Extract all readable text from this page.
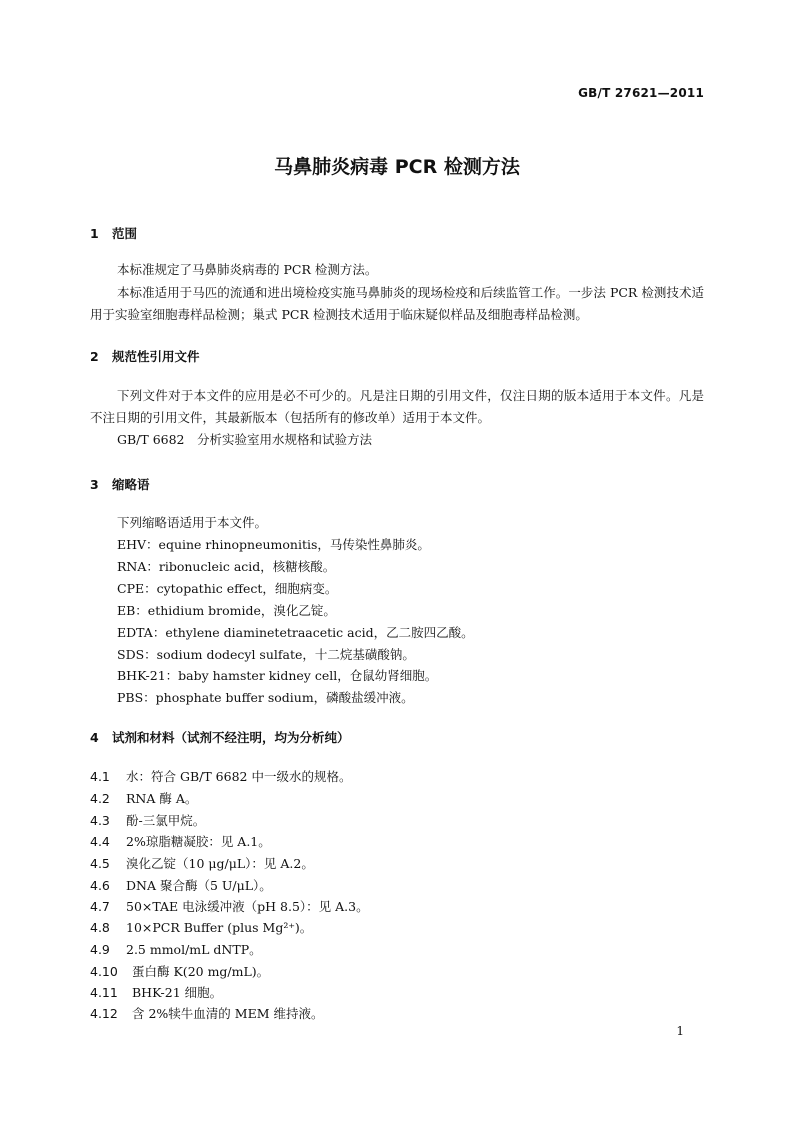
GB/T 27621—2011
马鼻肺炎病毒 PCR 检测方法
1 范围
本标准规定了马鼻肺炎病毒的 PCR 检测方法。
本标准适用于马匹的流通和进出境检疫实施马鼻肺炎的现场检疫和后续监管工作。一步法 PCR 检测技术适用于实验室细胞毒样品检测；巢式 PCR 检测技术适用于临床疑似样品及细胞毒样品检测。
2 规范性引用文件
下列文件对于本文件的应用是必不可少的。凡是注日期的引用文件，仅注日期的版本适用于本文件。凡是不注日期的引用文件，其最新版本（包括所有的修改单）适用于本文件。
GB/T 6682　分析实验室用水规格和试验方法
3 缩略语
下列缩略语适用于本文件。
EHV：equine rhinopneumonitis，马传染性鼻肺炎。
RNA：ribonucleic acid，核糖核酸。
CPE：cytopathic effect，细胞病变。
EB：ethidium bromide，溴化乙锭。
EDTA：ethylene diaminetetraacetic acid，乙二胺四乙酸。
SDS：sodium dodecyl sulfate，十二烷基磺酸钠。
BHK-21：baby hamster kidney cell，仓鼠幼肾细胞。
PBS：phosphate buffer sodium，磷酸盐缓冲液。
4 试剂和材料（试剂不经注明，均为分析纯）
4.1 水：符合 GB/T 6682 中一级水的规格。
4.2 RNA 酶 A。
4.3 酚-三氯甲烷。
4.4 2%琼脂糖凝胶：见 A.1。
4.5 溴化乙锭（10 μg/μL）：见 A.2。
4.6 DNA 聚合酶（5 U/μL）。
4.7 50×TAE 电泳缓冲液（pH 8.5）：见 A.3。
4.8 10×PCR Buffer (plus Mg²⁺)。
4.9 2.5 mmol/mL dNTP。
4.10 蛋白酶 K(20 mg/mL)。
4.11 BHK-21 细胞。
4.12 含 2%犊牛血清的 MEM 维持液。
1
